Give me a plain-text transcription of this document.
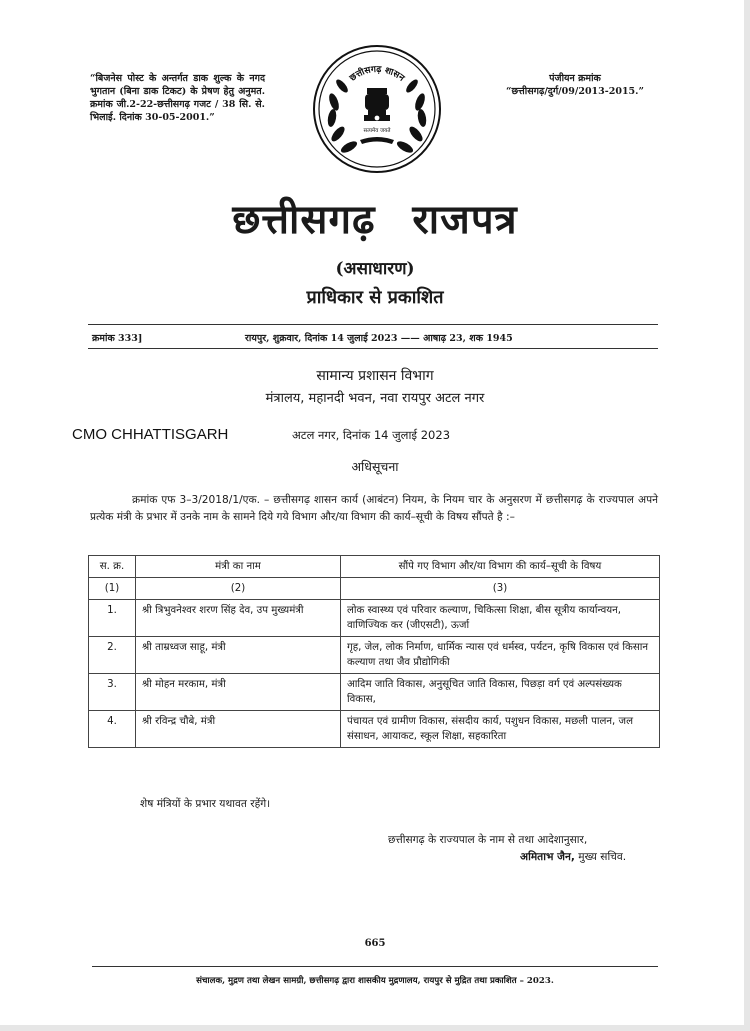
“बिजनेस पोस्ट के अन्तर्गत डाक शुल्क के नगद भुगतान (बिना डाक टिकट) के प्रेषण हेतु अनुमत. क्रमांक जी.2-22-छत्तीसगढ़ गजट / 38 सि. से. भिलाई. दिनांक 30-05-2001.”
पंजीयन क्रमांक
“छत्तीसगढ़/दुर्ग/09/2013-2015.”
छत्तीसगढ़ शासन
सत्यमेव जयते
छत्तीसगढ़ राजपत्र
(असाधारण)
प्राधिकार से प्रकाशित
क्रमांक 333]	रायपुर, शुक्रवार, दिनांक 14 जुलाई 2023 —— आषाढ़ 23, शक 1945
सामान्य प्रशासन विभाग
मंत्रालय, महानदी भवन, नवा रायपुर अटल नगर
CMO CHHATTISGARH	अटल नगर, दिनांक 14 जुलाई 2023
अधिसूचना
क्रमांक एफ 3–3/2018/1/एक. – छत्तीसगढ़ शासन कार्य (आबंटन) नियम, के नियम चार के अनुसरण में छत्तीसगढ़ के राज्यपाल अपने प्रत्येक मंत्री के प्रभार में उनके नाम के सामने दिये गये विभाग और/या विभाग की कार्य–सूची के विषय सौंपते है :–
स. क्र.	मंत्री का नाम	सौंपे गए विभाग और/या विभाग की कार्य–सूची के विषय
(1)	(2)	(3)
1.	श्री त्रिभुवनेश्वर शरण सिंह देव, उप मुख्यमंत्री	लोक स्वास्थ्य एवं परिवार कल्याण, चिकित्सा शिक्षा, बीस सूत्रीय कार्यान्वयन, वाणिज्यिक कर (जीएसटी), ऊर्जा
2.	श्री ताम्रध्वज साहू, मंत्री	गृह, जेल, लोक निर्माण, धार्मिक न्यास एवं धर्मस्व, पर्यटन, कृषि विकास एवं किसान कल्याण तथा जैव प्रौद्योगिकी
3.	श्री मोहन मरकाम, मंत्री	आदिम जाति विकास, अनुसूचित जाति विकास, पिछड़ा वर्ग एवं अल्पसंख्यक विकास,
4.	श्री रविन्द्र चौबे, मंत्री	पंचायत एवं ग्रामीण विकास, संसदीय कार्य, पशुधन विकास, मछली पालन, जल संसाधन, आयाकट, स्कूल शिक्षा, सहकारिता
शेष मंत्रियों के प्रभार यथावत रहेंगे।
छत्तीसगढ़ के राज्यपाल के नाम से तथा आदेशानुसार,
अमिताभ जैन, मुख्य सचिव.
665
संचालक, मुद्रण तथा लेखन सामग्री, छत्तीसगढ़ द्वारा शासकीय मुद्रणालय, रायपुर से मुद्रित तथा प्रकाशित – 2023.
